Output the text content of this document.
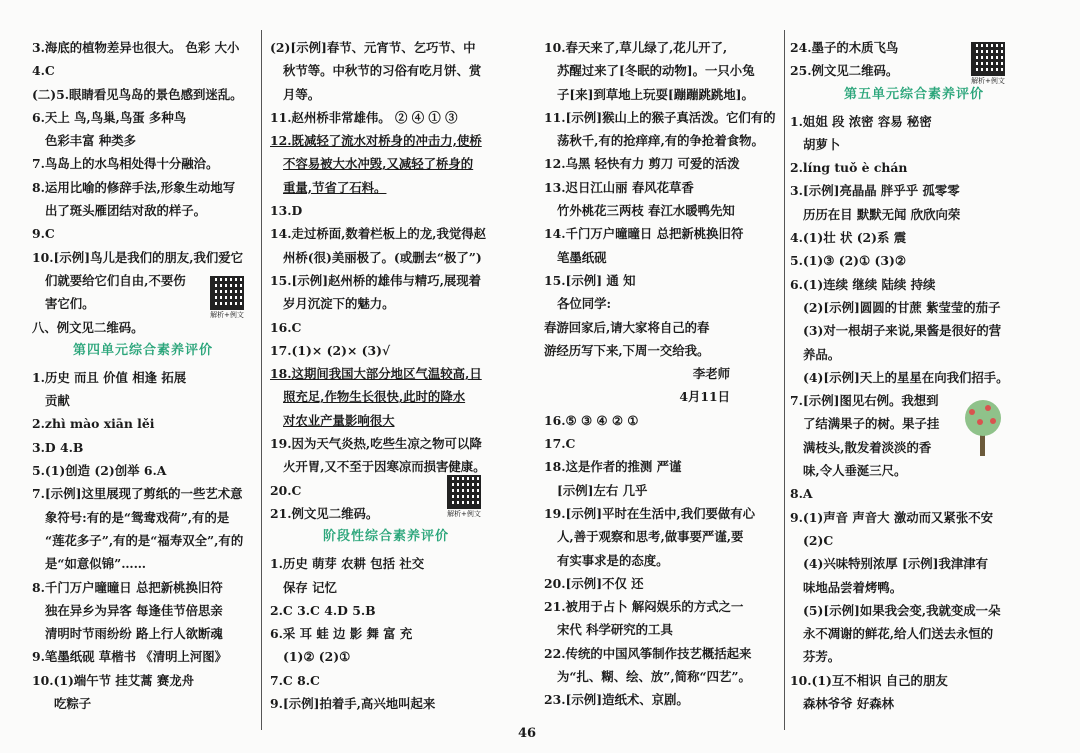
3.海底的植物差异也很大。 色彩 大小
4.C
(二)5.眼睛看见鸟岛的景色感到迷乱。
6.天上 鸟,鸟巢,鸟蛋 多种鸟
色彩丰富 种类多
7.鸟岛上的水鸟相处得十分融洽。
8.运用比喻的修辞手法,形象生动地写
出了斑头雁团结对敌的样子。
9.C
10.[示例]鸟儿是我们的朋友,我们爱它
们就要给它们自由,不要伤
害它们。
八、例文见二维码。
第四单元综合素养评价
1.历史 而且 价值 相逢 拓展
贡献
2.zhì mào xiān lěi
3.D 4.B
5.(1)创造 (2)创举 6.A
7.[示例]这里展现了剪纸的一些艺术意
象符号:有的是“鸳鸯戏荷”,有的是
“莲花多子”,有的是“福寿双全”,有的
是“如意似锦”……
8.千门万户曈曈日 总把新桃换旧符
独在异乡为异客 每逢佳节倍思亲
清明时节雨纷纷 路上行人欲断魂
9.笔墨纸砚 草楷书 《清明上河图》
10.(1)端午节 挂艾蒿 赛龙舟
吃粽子
解析+例文
(2)[示例]春节、元宵节、乞巧节、中
秋节等。中秋节的习俗有吃月饼、赏
月等。
11.赵州桥非常雄伟。 ② ④ ① ③
12.既减轻了流水对桥身的冲击力,使桥
不容易被大水冲毁,又减轻了桥身的
重量,节省了石料。
13.D
14.走过桥面,数着栏板上的龙,我觉得赵
州桥(很)美丽极了。(或删去“极了”)
15.[示例]赵州桥的雄伟与精巧,展现着
岁月沉淀下的魅力。
16.C
17.(1)× (2)× (3)√
18.这期间我国大部分地区气温较高,日
照充足,作物生长很快,此时的降水
对农业产量影响很大
19.因为天气炎热,吃些生凉之物可以降
火开胃,又不至于因寒凉而损害健康。
20.C
21.例文见二维码。
阶段性综合素养评价
1.历史 萌芽 农耕 包括 社交
保存 记忆
2.C 3.C 4.D 5.B
6.采 耳 蛙 边 影 舞 富 充
(1)② (2)①
7.C 8.C
9.[示例]拍着手,高兴地叫起来
解析+例文
10.春天来了,草儿绿了,花儿开了,
苏醒过来了[冬眠的动物]。一只小兔
子[来]到草地上玩耍[蹦蹦跳跳地]。
11.[示例]猴山上的猴子真活泼。它们有的
荡秋千,有的抢痒痒,有的争抢着食物。
12.乌黑 轻快有力 剪刀 可爱的活泼
13.迟日江山丽 春风花草香
竹外桃花三两枝 春江水暖鸭先知
14.千门万户曈曈日 总把新桃换旧符
笔墨纸砚
15.[示例] 通 知
各位同学:
春游回家后,请大家将自己的春
游经历写下来,下周一交给我。
李老师
4月11日
16.⑤ ③ ④ ② ①
17.C
18.这是作者的推测 严谨
[示例]左右 几乎
19.[示例]平时在生活中,我们要做有心
人,善于观察和思考,做事要严谨,要
有实事求是的态度。
20.[示例]不仅 还
21.被用于占卜 解闷娱乐的方式之一
宋代 科学研究的工具
22.传统的中国风筝制作技艺概括起来
为“扎、糊、绘、放”,简称“四艺”。
23.[示例]造纸术、京剧。
24.墨子的木质飞鸟
25.例文见二维码。
第五单元综合素养评价
1.姐姐 段 浓密 容易 秘密
胡萝卜
2.líng tuǒ è chán
3.[示例]亮晶晶 胖乎乎 孤零零
历历在目 默默无闻 欣欣向荣
4.(1)壮 状 (2)系 震
5.(1)③ (2)① (3)②
6.(1)连续 继续 陆续 持续
(2)[示例]圆圆的甘蔗 紫莹莹的茄子
(3)对一根胡子来说,果酱是很好的营
养品。
(4)[示例]天上的星星在向我们招手。
7.[示例]图见右例。我想到
了结满果子的树。果子挂
满枝头,散发着淡淡的香
味,令人垂涎三尺。
8.A
9.(1)声音 声音大 激动而又紧张不安
(2)C
(4)兴味特别浓厚 [示例]我津津有
味地品尝着烤鸭。
(5)[示例]如果我会变,我就变成一朵
永不凋谢的鲜花,给人们送去永恒的
芬芳。
10.(1)互不相识 自己的朋友
森林爷爷 好森林
解析+例文
46
